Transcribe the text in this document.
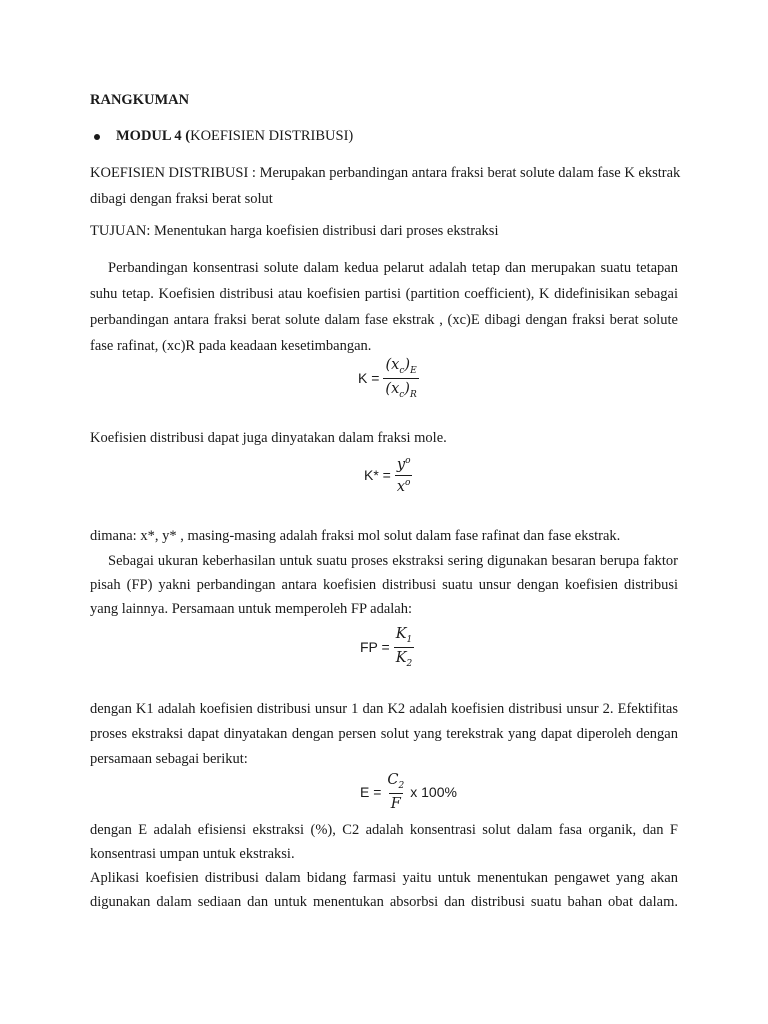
RANGKUMAN
MODUL 4 (KOEFISIEN DISTRIBUSI)
KOEFISIEN DISTRIBUSI : Merupakan perbandingan antara fraksi berat solute dalam fase K ekstrak
dibagi dengan fraksi berat solut
TUJUAN: Menentukan harga koefisien distribusi dari proses ekstraksi
Perbandingan konsentrasi solute dalam kedua pelarut adalah tetap dan merupakan suatu tetapan
suhu tetap. Koefisien distribusi atau koefisien partisi (partition coefficient), K didefinisikan sebagai
perbandingan antara fraksi berat solute dalam fase ekstrak , (xc)E dibagi dengan fraksi berat solute
fase rafinat, (xc)R pada keadaan kesetimbangan.
$K = \frac{(x_c)_E}{(x_c)_R}$
Koefisien distribusi dapat juga dinyatakan dalam fraksi mole.
$K* = \frac{y^o}{x^o}$
dimana: x*, y* , masing-masing adalah fraksi mol solut dalam fase rafinat dan fase ekstrak.
Sebagai ukuran keberhasilan untuk suatu proses ekstraksi sering digunakan besaran berupa faktor
pisah (FP) yakni perbandingan antara koefisien distribusi suatu unsur dengan koefisien distribusi
yang lainnya. Persamaan untuk memperoleh FP adalah:
FP = $\frac{K_1}{K_2}$
dengan K1 adalah koefisien distribusi unsur 1 dan K2 adalah koefisien distribusi unsur 2. Efektifitas
proses ekstraksi dapat dinyatakan dengan persen solut yang terekstrak yang dapat diperoleh dengan
persamaan sebagai berikut:
$E = \frac{C_2}{F}$ x 100%
dengan E adalah efisiensi ekstraksi (%), C2 adalah konsentrasi solut dalam fasa organik, dan F
konsentrasi umpan untuk ekstraksi.
Aplikasi koefisien distribusi dalam bidang farmasi yaitu untuk menentukan pengawet yang akan
digunakan dalam sediaan dan untuk menentukan absorbsi dan distribusi suatu bahan obat dalam.
